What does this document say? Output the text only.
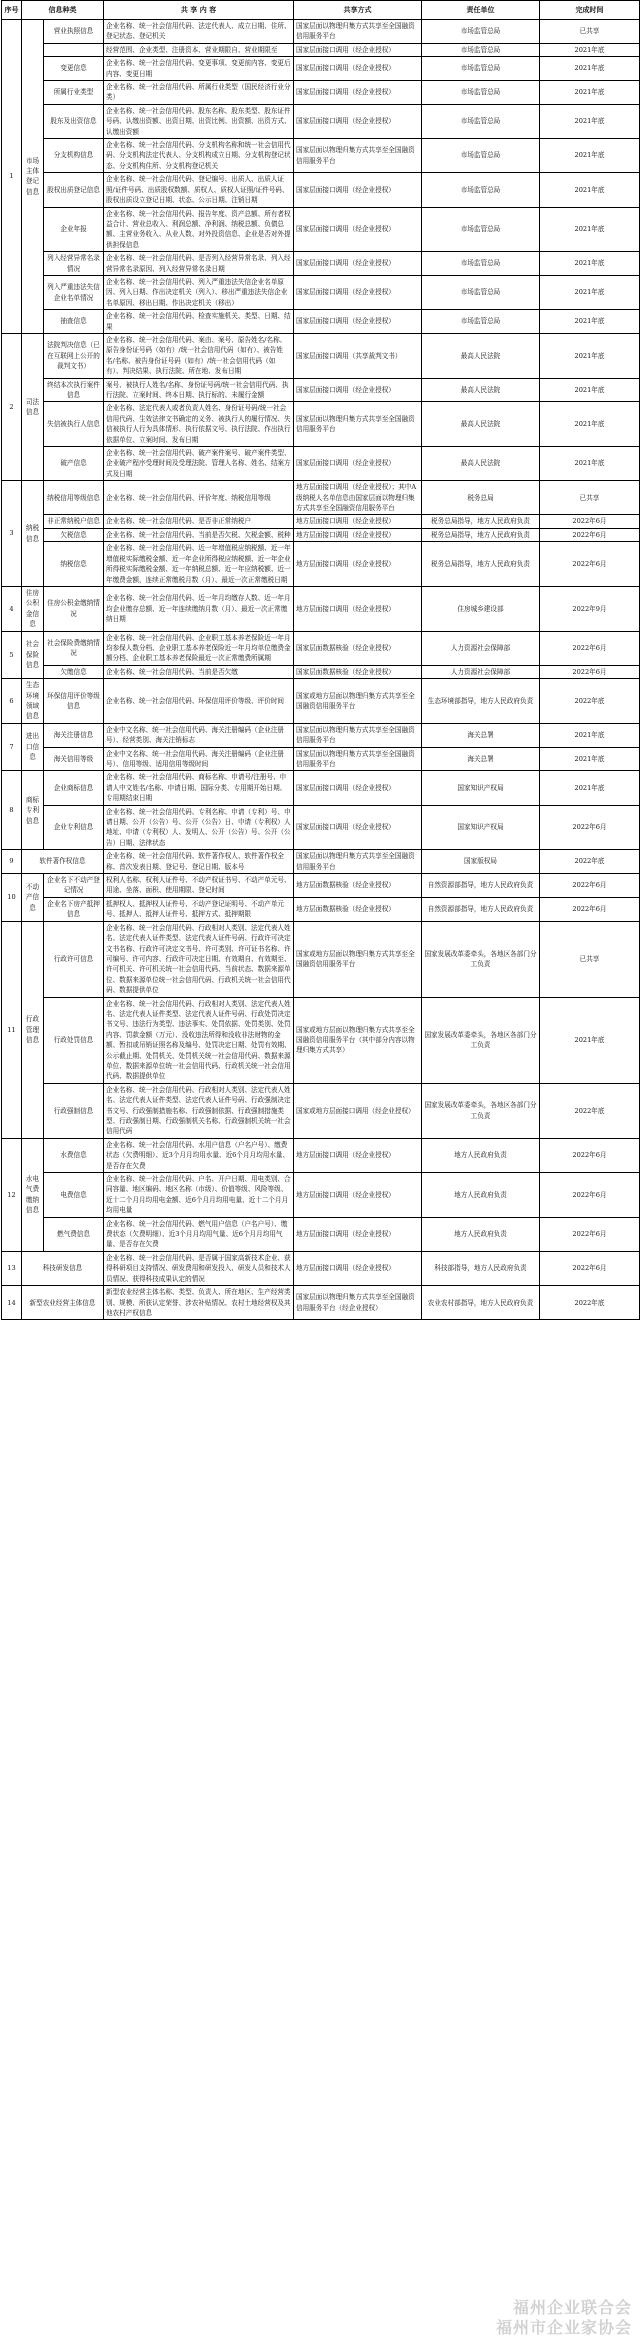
序号	信息种类		共 享 内 容	共享方式	责任单位	完成时间
1	市场主体登记信息	营业执照信息	企业名称、统一社会信用代码、法定代表人、成立日期、住所、登记状态、登记机关	国家层面以物理归集方式共享至全国融资信用服务平台	市场监管总局	已共享
			经营范围、企业类型、注册资本、营业期限自、营业期限至	国家层面接口调用（经企业授权）	市场监管总局	2021年底
		变更信息	企业名称、统一社会信用代码、变更事项、变更前内容、变更后内容、变更日期	国家层面接口调用（经企业授权）	市场监管总局	2021年底
		所属行业类型	企业名称、统一社会信用代码、所属行业类型（国民经济行业分类）	国家层面接口调用（经企业授权）	市场监管总局	2021年底
		股东及出资信息	企业名称、统一社会信用代码、股东名称、股东类型、股东证件号码、认缴出资额、出资日期、出资比例、出资额、出资方式、认缴出资额	国家层面接口调用（经企业授权）	市场监管总局	2021年底
		分支机构信息	企业名称、统一社会信用代码、分支机构名称和统一社会信用代码、分支机构法定代表人、分支机构成立日期、分支机构登记状态、分支机构住所、分支机构登记机关	国家层面以物理归集方式共享至全国融资信用服务平台	市场监管总局	2021年底
		股权出质登记信息	企业名称、统一社会信用代码、登记编号、出质人、出质人证照/证件号码、出质股权数额、质权人、质权人证照/证件号码、股权出质设立登记日期、状态、公示日期、注销日期	国家层面接口调用（经企业授权）	市场监管总局	2021年底
		企业年报	企业名称、统一社会信用代码、报告年度、资产总额、所有者权益合计、营业总收入、利润总额、净利润、纳税总额、负债总额、主营业务收入、从业人数、对外投资信息、企业是否对外提供担保信息	国家层面接口调用（经企业授权）	市场监管总局	2021年底
		列入经营异常名录情况	企业名称、统一社会信用代码、是否列入经营异常名录、列入经营异常名录原因、列入经营异常名录日期	国家层面接口调用（经企业授权）	市场监管总局	2021年底
		列入严重违法失信企业名单情况	企业名称、统一社会信用代码、列入严重违法失信企业名单原因、列入日期、作出决定机关（列入）、移出严重违法失信企业名单原因、移出日期、作出决定机关（移出）	国家层面接口调用（经企业授权）	市场监管总局	2021年底
		抽查信息	企业名称、统一社会信用代码、检查实施机关、类型、日期、结果	国家层面接口调用（经企业授权）	市场监管总局	2021年底
2	司法信息	法院判决信息（已在互联网上公开的裁判文书）	企业名称、统一社会信用代码、案由、案号、原告姓名/名称、原告身份证号码（如有）/统一社会信用代码（如有）、被告姓名/名称、被告身份证号码（如有）/统一社会信用代码（如有）、判决结果、执行法院、所在地、发布日期	国家层面接口调用（共享裁判文书）	最高人民法院	2021年底
		终结本次执行案件信息	案号、被执行人姓名/名称、身份证号码/统一社会信用代码、执行法院、立案时间、终本日期、执行标的、未履行金额	国家层面接口调用（经企业授权）	最高人民法院	2021年底
		失信被执行人信息	企业名称、法定代表人或者负责人姓名、身份证号码/统一社会信用代码、生效法律文书确定的义务、被执行人的履行情况、失信被执行人行为具体情形、执行依据文号、执行法院、作出执行依据单位、立案时间、发布日期	国家层面以物理归集方式共享至全国融资信用服务平台	最高人民法院	2021年底
		破产信息	企业名称、统一社会信用代码、破产案件案号、破产案件类型、企业破产程序受理时间及受理法院、管理人名称、姓名、结案方式及日期	国家层面接口调用（经企业授权）	最高人民法院	2021年底
3	纳税信息	纳税信用等级信息	企业名称、统一社会信用代码、评价年度、纳税信用等级	地方层面接口调用（经企业授权）；其中A级纳税人名单信息由国家层面以物理归集方式共享至全国融资信用服务平台	税务总局	已共享
		非正常纳税户信息	企业名称、统一社会信用代码、是否非正常纳税户	地方层面接口调用（经企业授权）	税务总局指导，地方人民政府负责	2022年6月
		欠税信息	企业名称、统一社会信用代码、当前是否欠税、欠税金额、税种	地方层面接口调用（经企业授权）	税务总局指导，地方人民政府负责	2022年6月
		纳税信息	企业名称、统一社会信用代码、近一年增值税应纳税额、近一年增值税实际缴税金额、近一年企业所得税应纳税额、近一年企业所得税实际缴税金额、近一年纳税总额、近一年应纳税额、近一年缴费金额，连续正常缴税月数（月）、最近一次正常缴税日期	地方层面接口调用（经企业授权）	税务总局指导，地方人民政府负责	2022年6月
4	住房公积金信息	住房公积金缴纳情况	企业名称、统一社会信用代码、近一年月均缴存人数、近一年月均企业缴存总额、近一年连续缴纳月数（月）、最近一次正常缴纳日期	地方层面接口调用（经企业授权）	住房城乡建设部	2022年9月
5	社会保险信息	社会保险费缴纳情况	企业名称、统一社会信用代码、企业职工基本养老保险近一年月均参保人数分档、企业职工基本养老保险近一年月均单位缴费金额分档、企业职工基本养老保险最近一次正常缴费所属期	国家层面数据核验（经企业授权）	人力资源社会保障部	2022年6月
		欠缴信息	企业名称、统一社会信用代码、当前是否欠缴	国家层面数据核验（经企业授权）	人力资源社会保障部	2022年6月
6	生态环境领域信息	环保信用评价等级信息	企业名称、统一社会信用代码、环保信用评价等级、评价时间	国家或地方层面以物理归集方式共享至全国融资信用服务平台	生态环境部指导，地方人民政府负责	2022年底
7	进出口信息	海关注册信息	企业中文名称、统一社会信用代码、海关注册编码（企业注册号）、经营类别、海关注销标志	国家层面以物理归集方式共享至全国融资信用服务平台	海关总署	2021年底
		海关信用等级	企业中文名称、统一社会信用代码、海关注册编码（企业注册号）、信用等级、适用信用等级时间	国家层面以物理归集方式共享至全国融资信用服务平台	海关总署	2021年底
8	商标专利信息	企业商标信息	企业名称、统一社会信用代码、商标名称、申请号/注册号、申请人中文姓名/名称、申请日期、国际分类、专用期开始日期、专用期结束日期	国家层面接口调用（经企业授权）	国家知识产权局	2021年底
		企业专利信息	企业名称、统一社会信用代码、专利名称、申请（专利）号、申请日期、公开（公告）号、公开（公告）日、申请（专利权）人地址、申请（专利权）人、发明人、公开（公告）号、公开（公告）日期、法律状态	国家层面接口调用（经企业授权）	国家知识产权局	2022年6月
9	软件著作权信息		企业名称、统一社会信用代码、软件著作权人、软件著作权全称、首次发表日期、登记号、登记日期、版本号	国家层面以物理归集方式共享至全国融资信用服务平台	国家版权局	2022年底
10	不动产信息	企业名下不动产登记情况	权利人名称、权利人证件号、不动产权证书号、不动产单元号、用途、坐落、面积、使用期限、登记时间	地方层面数据核验（经企业授权）	自然资源部指导，地方人民政府负责	2022年6月
		企业名下房产抵押信息	抵押权人、抵押权人证件号、不动产登记证明号、不动产单元号、抵押人、抵押人证件号、抵押方式、抵押期限	地方层面数据核验（经企业授权）	自然资源部指导，地方人民政府负责	2022年6月
11	行政管理信息	行政许可信息	企业名称、统一社会信用代码、行政相对人类别、法定代表人姓名、法定代表人证件类型、法定代表人证件号码、行政许可决定文书名称、行政许可决定文书号、许可类别、许可证书名称、许可编号、许可内容、行政许可决定日期、有效期自、有效期至、许可机关、许可机关统一社会信用代码、当前状态、数据来源单位、数据来源单位统一社会信用代码、行政机关统一社会信用代码、数据提供单位	国家或地方层面以物理归集方式共享至全国融资信用服务平台	国家发展改革委牵头，各地区各部门分工负责	已共享
		行政处罚信息	企业名称、统一社会信用代码、行政相对人类别、法定代表人姓名、法定代表人证件类型、法定代表人证件号码、行政处罚决定书文号、违法行为类型、违法事实、处罚依据、处罚类别、处罚内容、罚款金额（万元）、没收违法所得和没收非法财物的金额、暂扣或吊销证照名称及编号、处罚决定日期、处罚有效期、公示截止期、处罚机关、处罚机关统一社会信用代码、数据来源单位、数据来源单位统一社会信用代码、行政机关统一社会信用代码、数据提供单位	国家或地方层面以物理归集方式共享至全国融资信用服务平台（其中部分内容以物理归集方式共享）	国家发展改革委牵头，各地区各部门分工负责	2021年底
		行政强制信息	企业名称、统一社会信用代码、行政相对人类别、法定代表人姓名、法定代表人证件类型、法定代表人证件号码、行政强制决定书文号、行政强制措施名称、行政强制依据、行政强制措施类型、行政强制日期、行政强制机关名称、行政强制机关统一社会信用代码	国家或地方层面接口调用（经企业授权）	国家发展改革委牵头，各地区各部门分工负责	2022年底
12	水电气费缴纳信息	水费信息	企业名称、统一社会信用代码、水用户信息（户名户号）、缴费状态（欠费明细）、近3个月月均用水量、近6个月月均用水量、是否存在欠费	地方层面接口调用（经企业授权）	地方人民政府负责	2022年6月
		电费信息	企业名称、统一社会信用代码、户名、开户日期、用电类别、合同容量、地区编码、地区名称（市级）、价值等级、风险等级、近十二个月月均用电金额、近6个月月均用电量、近十二个月月均用电量	地方层面接口调用（经企业授权）	地方人民政府负责	2022年6月
		燃气费信息	企业名称、统一社会信用代码、燃气用户信息（户名户号）、缴费状态（欠费明细）、近3个月月均用气量、近6个月月均用气量、是否存在欠费	地方层面接口调用（经企业授权）	地方人民政府负责	2022年6月
13	科技研发信息		企业名称、统一社会信用代码、是否属于国家高新技术企业、获得科研项目支持情况、研发费用和研发投入、研发人员和技术人员情况、获得科技成果认定的情况	地方层面接口调用（经企业授权）	科技部指导，地方人民政府负责	2022年6月
14	新型农业经营主体信息		新型农业经营主体名称、类型、负责人、所在地区、生产经营类别、规模、所获认定荣誉、涉农补贴情况、农村土地经营权及其他农村产权信息	国家层面以物理归集方式共享至全国融资信用服务平台（经企业授权）	农业农村部指导，地方人民政府负责	2022年底
福州企业联合会
福州市企业家协会
